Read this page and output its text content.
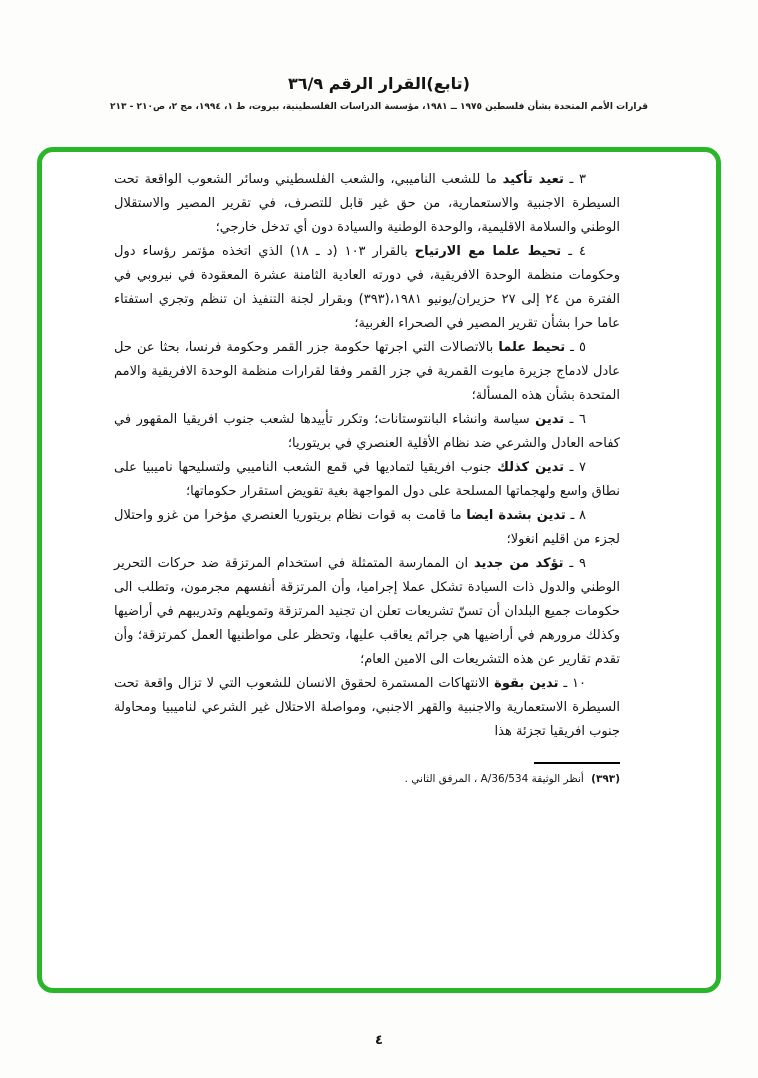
(تابع)القرار الرقم ٣٦/٩
قرارات الأمم المتحدة بشأن فلسطين ١٩٧٥ ــ ١٩٨١، مؤسسة الدراسات الفلسطينية، بيروت، ط ١، ١٩٩٤، مج ٢، ص٢١٠ - ٢١٣

٣ ـ تعيد تأكيد ما للشعب الناميبي، والشعب الفلسطيني وسائر الشعوب الواقعة تحت السيطرة الاجنبية والاستعمارية، من حق غير قابل للتصرف، في تقرير المصير والاستقلال الوطني والسلامة الاقليمية، والوحدة الوطنية والسيادة دون أي تدخل خارجي؛

٤ ـ تحيط علما مع الارتياح بالقرار ١٠٣ (د ـ ١٨) الذي اتخذه مؤتمر رؤساء دول وحكومات منظمة الوحدة الافريقية، في دورته العادية الثامنة عشرة المعقودة في نيروبي في الفترة من ٢٤ إلى ٢٧ حزيران/يونيو ١٩٨١،(٣٩٣) وبقرار لجنة التنفيذ ان تنظم وتجري استفتاء عاما حرا بشأن تقرير المصير في الصحراء الغربية؛

٥ ـ تحيط علما بالاتصالات التي اجرتها حكومة جزر القمر وحكومة فرنسا، بحثا عن حل عادل لادماج جزيرة مايوت القمرية في جزر القمر وفقا لقرارات منظمة الوحدة الافريقية والامم المتحدة بشأن هذه المسألة؛

٦ ـ تدين سياسة وانشاء البانتوستانات؛ وتكرر تأييدها لشعب جنوب افريقيا المقهور في كفاحه العادل والشرعي ضد نظام الأقلية العنصري في بريتوريا؛

٧ ـ تدين كذلك جنوب افريقيا لتماديها في قمع الشعب الناميبي ولتسليحها ناميبيا على نطاق واسع ولهجماتها المسلحة على دول المواجهة بغية تقويض استقرار حكوماتها؛

٨ ـ تدين بشدة ايضا ما قامت به قوات نظام بريتوريا العنصري مؤخرا من غزو واحتلال لجزء من اقليم انغولا؛

٩ ـ تؤكد من جديد ان الممارسة المتمثلة في استخدام المرتزقة ضد حركات التحرير الوطني والدول ذات السيادة تشكل عملا إجراميا، وأن المرتزقة أنفسهم مجرمون، وتطلب الى حكومات جميع البلدان أن تسنّ تشريعات تعلن ان تجنيد المرتزقة وتمويلهم وتدريبهم في أراضيها وكذلك مرورهم في أراضيها هي جرائم يعاقب عليها، وتحظر على مواطنيها العمل كمرتزقة؛ وأن تقدم تقارير عن هذه التشريعات الى الامين العام؛

١٠ ـ تدين بقوة الانتهاكات المستمرة لحقوق الانسان للشعوب التي لا تزال واقعة تحت السيطرة الاستعمارية والاجنبية والقهر الاجنبي، ومواصلة الاحتلال غير الشرعي لناميبيا ومحاولة جنوب افريقيا تجزئة هذا

(٣٩٣) أنظر الوثيقة A/36/534 ، المرفق الثاني .
٤
